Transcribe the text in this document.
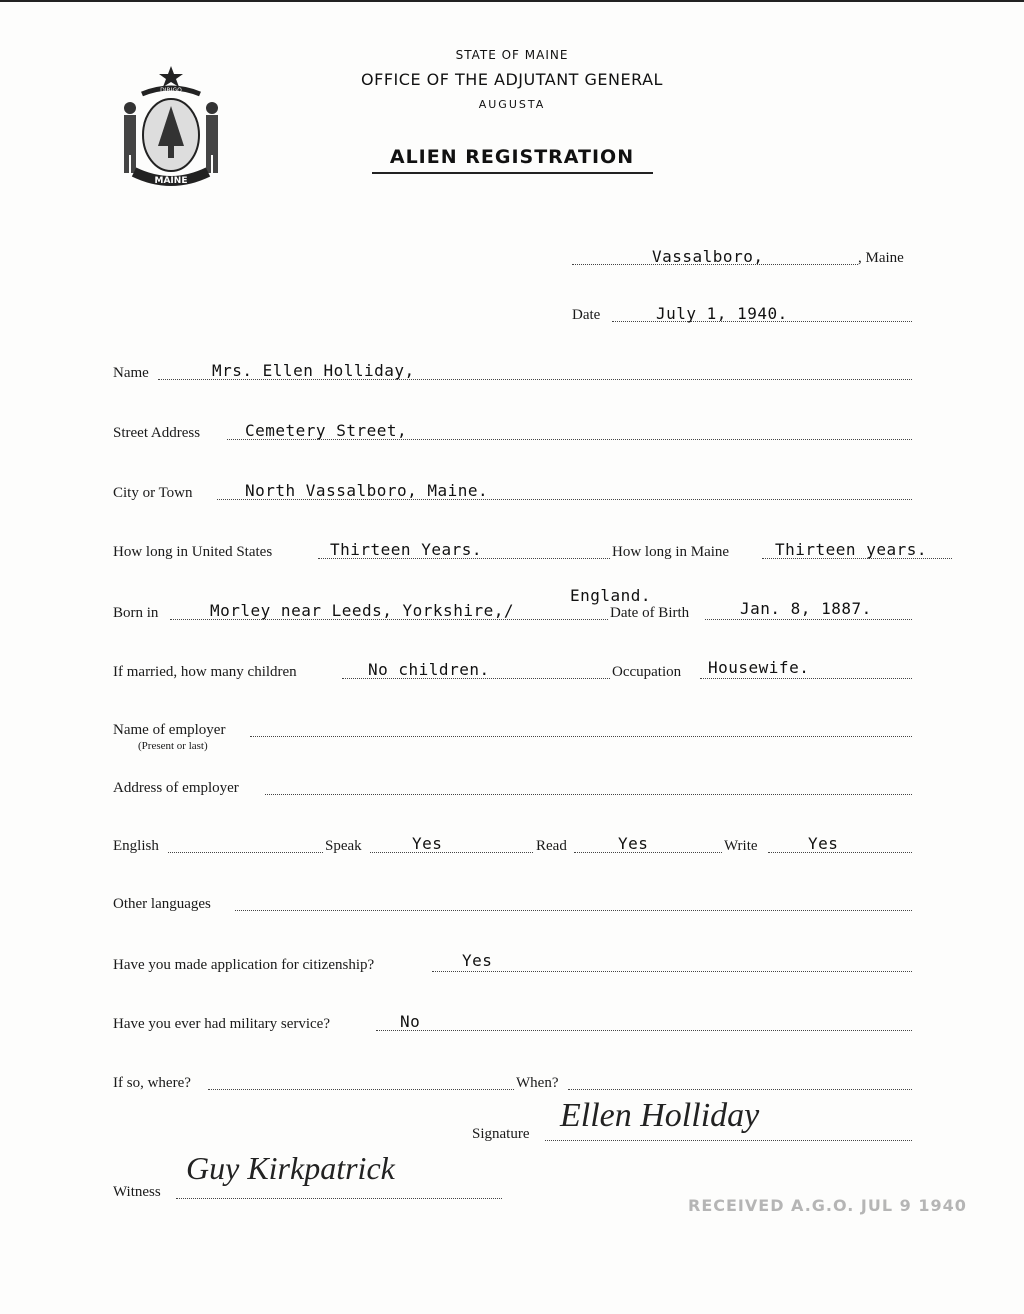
MAINE
DIRIGO
STATE OF MAINE
OFFICE OF THE ADJUTANT GENERAL
AUGUSTA
ALIEN REGISTRATION
Vassalboro,	, Maine
Date	July 1, 1940.
Name	Mrs. Ellen Holliday,
Street Address	Cemetery Street,
City or Town	North Vassalboro, Maine.
How long in United States	Thirteen Years.	How long in Maine	Thirteen years.
Born in	Morley near Leeds, Yorkshire,/
England.
Date of Birth	Jan. 8, 1887.
If married, how many children	No children.	Occupation Housewife.
Name of employer
(Present or last)
Address of employer
English	Speak	Yes	Read	Yes	Write	Yes
Other languages
Have you made application for citizenship?	Yes
Have you ever had military service?	No
If so, where?	When?
Signature Ellen Holliday
Witness
Guy Kirkpatrick
RECEIVED A.G.O. JUL 9 1940
